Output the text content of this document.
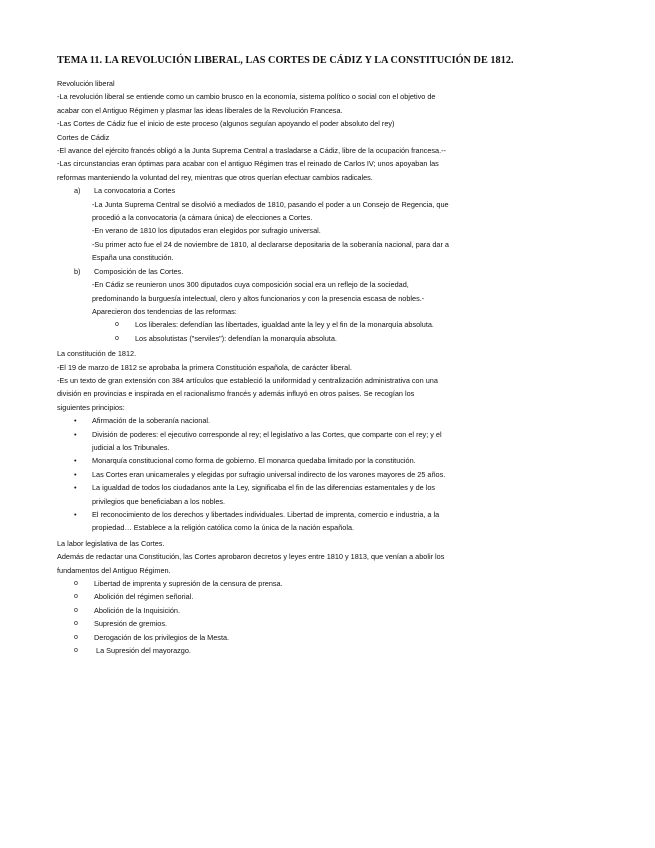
TEMA 11. LA REVOLUCIÓN LIBERAL, LAS CORTES DE CÁDIZ Y LA CONSTITUCIÓN DE 1812.

Revolución liberal

-La revolución liberal se entiende como un cambio brusco en la economía, sistema político o social con el objetivo de

acabar con el Antiguo Régimen y plasmar las ideas liberales de la Revolución Francesa.

-Las Cortes de Cádiz fue el inicio de este proceso (algunos seguían apoyando el poder absoluto del rey)

Cortes de Cádiz

-El avance del ejército francés obligó a la Junta Suprema Central a trasladarse a Cádiz, libre de la ocupación francesa.--

-Las circunstancias eran óptimas para acabar con el antiguo Régimen tras el reinado de Carlos IV; unos apoyaban las

reformas manteniendo la voluntad del rey, mientras que otros querían efectuar cambios radicales.

a)	La convocatoria a Cortes

-La Junta Suprema Central se disolvió a mediados de 1810, pasando el poder a un Consejo de Regencia, que

procedió a la convocatoria (a cámara única) de elecciones a Cortes.

-En verano de 1810 los diputados eran elegidos por sufragio universal.

-Su primer acto fue el 24 de noviembre de 1810, al declararse depositaria de la soberanía nacional, para dar a

España una constitución.

b)	Composición de las Cortes.

-En Cádiz se reunieron unos 300 diputados cuya composición social era un reflejo de la sociedad,

predominando la burguesía intelectual, clero y altos funcionarios y con la presencia escasa de nobles.-

Aparecieron dos tendencias de las reformas:

o	Los liberales: defendían las libertades, igualdad ante la ley y el fin de la monarquía absoluta.
o	Los absolutistas ("serviles"): defendían la monarquía absoluta.

La constitución de 1812.

-El 19 de marzo de 1812 se aprobaba la primera Constitución española, de carácter liberal.

-Es un texto de gran extensión con 384 artículos que estableció la uniformidad y centralización administrativa con una

división en provincias e inspirada en el racionalismo francés y además influyó en otros países. Se recogían los

siguientes principios:

•	Afirmación de la soberanía nacional.

•	División de poderes: el ejecutivo corresponde al rey; el legislativo a las Cortes, que comparte con el rey; y el

judicial a los Tribunales.

•	Monarquía constitucional como forma de gobierno. El monarca quedaba limitado por la constitución.

•	Las Cortes eran unicamerales y elegidas por sufragio universal indirecto de los varones mayores de 25 años.

•	La igualdad de todos los ciudadanos ante la Ley, significaba el fin de las diferencias estamentales y de los

privilegios que beneficiaban a los nobles.

•	El reconocimiento de los derechos y libertades individuales. Libertad de imprenta, comercio e industria, a la

propiedad… Establece a la religión católica como la única de la nación española.

La labor legislativa de las Cortes.

Además de redactar una Constitución, las Cortes aprobaron decretos y leyes entre 1810 y 1813, que venían a abolir los

fundamentos del Antiguo Régimen.

o	Libertad de imprenta y supresión de la censura de prensa.
o	Abolición del régimen señorial.
o	Abolición de la Inquisición.
o	Supresión de gremios.
o	Derogación de los privilegios de la Mesta.
o	La Supresión del mayorazgo.
